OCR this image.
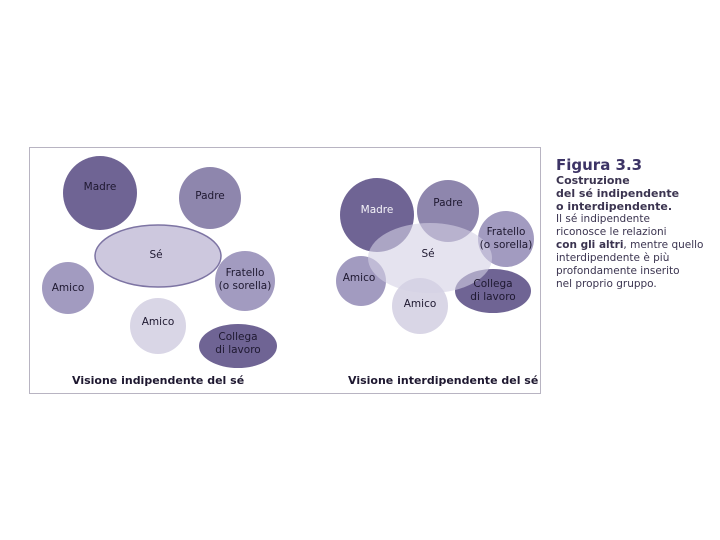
Madre
Padre
Sé
Fratello
(o sorella)
Amico
Amico
Collega
di lavoro
Visione indipendente del sé
Madre
Padre
Sé
Fratello
(o sorella)
Amico
Amico
Collega
di lavoro
Visione interdipendente del sé
Figura 3.3
Costruzione
del sé indipendente
o interdipendente.
Il sé indipendente
riconosce le relazioni
con gli altri, mentre quello
interdipendente è più
profondamente inserito
nel proprio gruppo.
